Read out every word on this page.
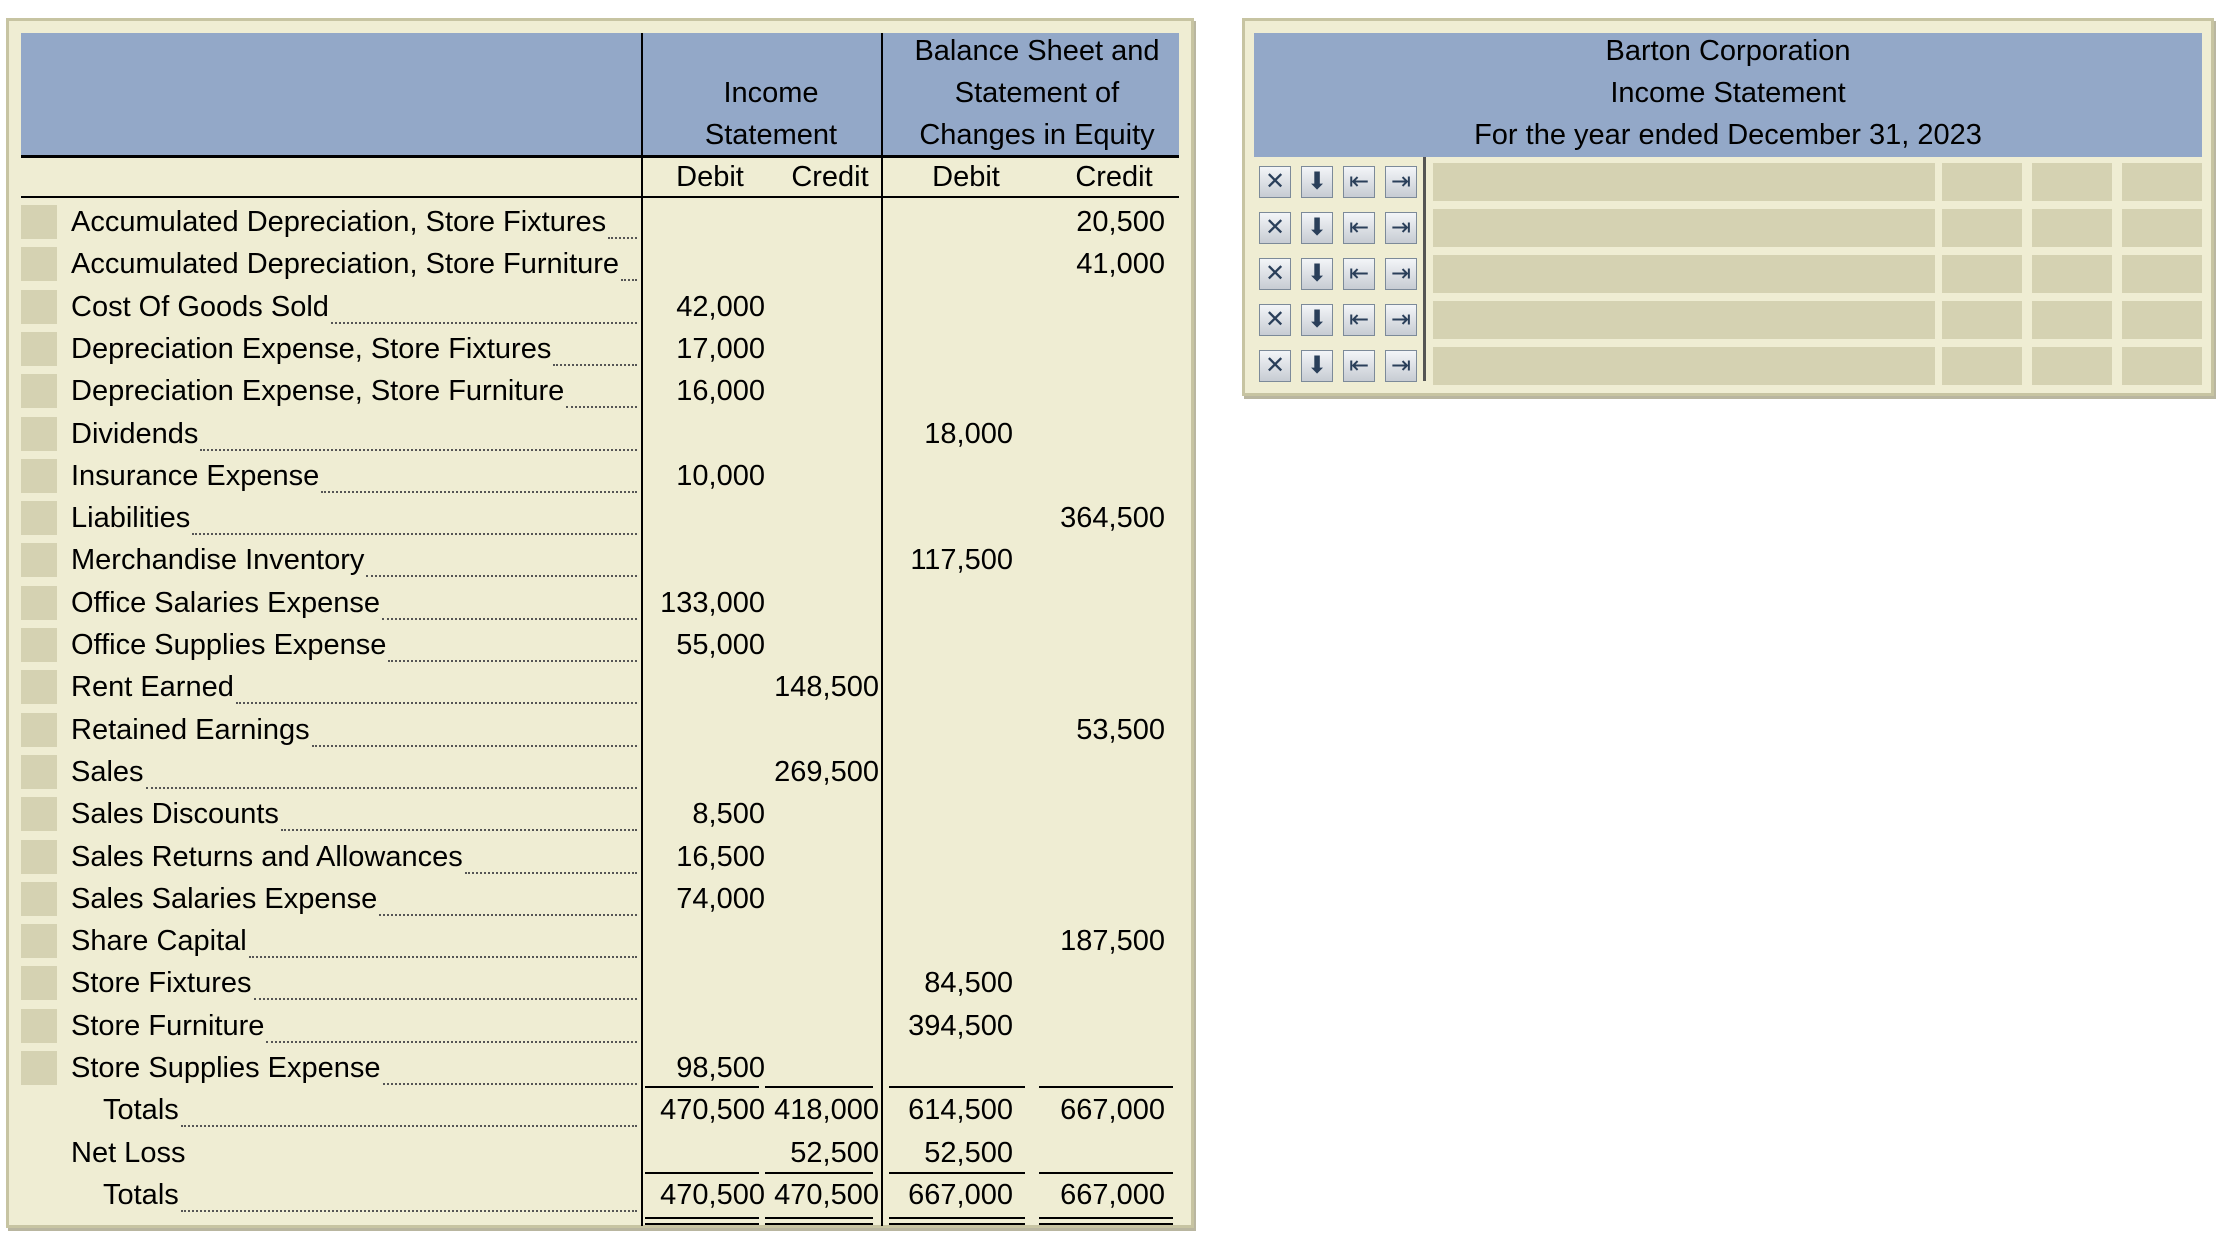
Income
Statement
Balance Sheet and
Statement of
Changes in Equity
Debit	Credit	Debit	Credit
Accumulated Depreciation, Store Fixtures	20,500
Accumulated Depreciation, Store Furniture	41,000
Cost Of Goods Sold	42,000
Depreciation Expense, Store Fixtures	17,000
Depreciation Expense, Store Furniture	16,000
Dividends	18,000
Insurance Expense	10,000
Liabilities	364,500
Merchandise Inventory	117,500
Office Salaries Expense	133,000
Office Supplies Expense	55,000
Rent Earned	148,500
Retained Earnings	53,500
Sales	269,500
Sales Discounts	8,500
Sales Returns and Allowances	16,500
Sales Salaries Expense	74,000
Share Capital	187,500
Store Fixtures	84,500
Store Furniture	394,500
Store Supplies Expense	98,500
Totals	470,500 418,000 614,500 667,000
Net Loss	52,500 52,500
Totals	470,500 470,500 667,000 667,000
Barton Corporation
Income Statement
For the year ended December 31, 2023
✕ ⬇ ⇤ ⇥
✕ ⬇ ⇤ ⇥
✕ ⬇ ⇤ ⇥
✕ ⬇ ⇤ ⇥
✕ ⬇ ⇤ ⇥
